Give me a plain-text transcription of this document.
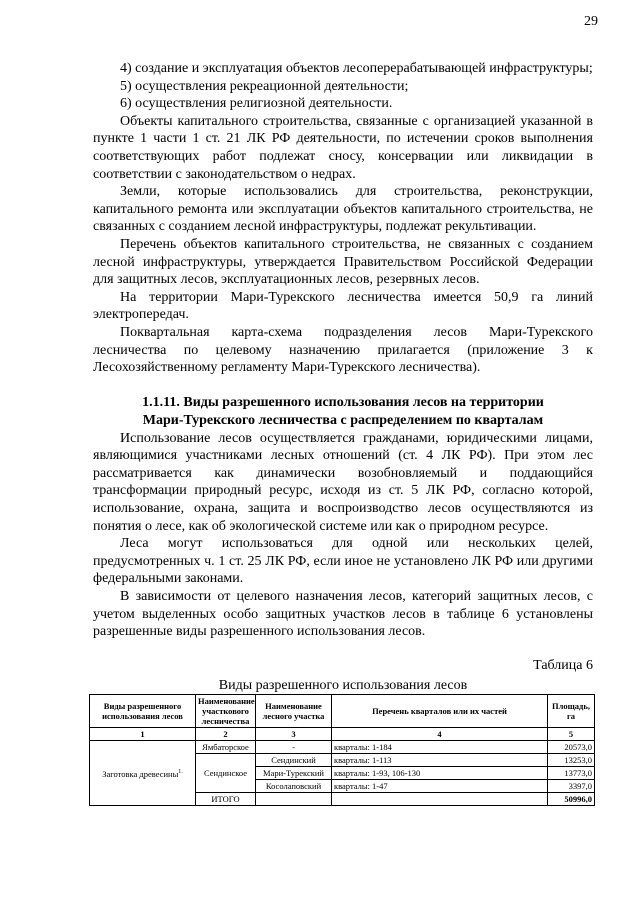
29

4) создание и эксплуатация объектов лесоперерабатывающей инфраструктуры;

5) осуществления рекреационной деятельности;

6) осуществления религиозной деятельности.

Объекты капитального строительства, связанные с организацией указанной в пункте 1 части 1 ст. 21 ЛК РФ деятельности, по истечении сроков выполнения соответствующих работ подлежат сносу, консервации или ликвидации в соответствии с законодательством о недрах.

Земли, которые использовались для строительства, реконструкции, капитального ремонта или эксплуатации объектов капитального строительства, не связанных с созданием лесной инфраструктуры, подлежат рекультивации.

Перечень объектов капитального строительства, не связанных с созданием лесной инфраструктуры, утверждается Правительством Российской Федерации для защитных лесов, эксплуатационных лесов, резервных лесов.

На территории Мари-Турекского лесничества имеется 50,9 га линий электропередач.

Поквартальная карта-схема подразделения лесов Мари-Турекского лесничества по целевому назначению прилагается (приложение 3 к Лесохозяйственному регламенту Мари-Турекского лесничества).

1.1.11. Виды разрешенного использования лесов на территории
Мари-Турекского лесничества с распределением по кварталам

Использование лесов осуществляется гражданами, юридическими лицами, являющимися участниками лесных отношений (ст. 4 ЛК РФ). При этом лес рассматривается как динамически возобновляемый и поддающийся трансформации природный ресурс, исходя из ст. 5 ЛК РФ, согласно которой, использование, охрана, защита и воспроизводство лесов осуществляются из понятия о лесе, как об экологической системе или как о природном ресурсе.

Леса могут использоваться для одной или нескольких целей, предусмотренных ч. 1 ст. 25 ЛК РФ, если иное не установлено ЛК РФ или другими федеральными законами.

В зависимости от целевого назначения лесов, категорий защитных лесов, с учетом выделенных особо защитных участков лесов в таблице 6 установлены разрешенные виды разрешенного использования лесов.

Таблица 6
Виды разрешенного использования лесов
Виды разрешенного использования лесов	Наименование участкового лесничества	Наименование лесного участка	Перечень кварталов или их частей	Площадь, га
1	2	3	4	5
Заготовка древесины$^{1.}$	Ямбаторское	-	кварталы: 1-184	20573,0
	Сендинское	Сендинский	кварталы: 1-113	13253,0
		Мари-Турекский	кварталы: 1-93, 106-130	13773,0
		Косолаповский	кварталы: 1-47	3397,0
	ИТОГО			50996,0
